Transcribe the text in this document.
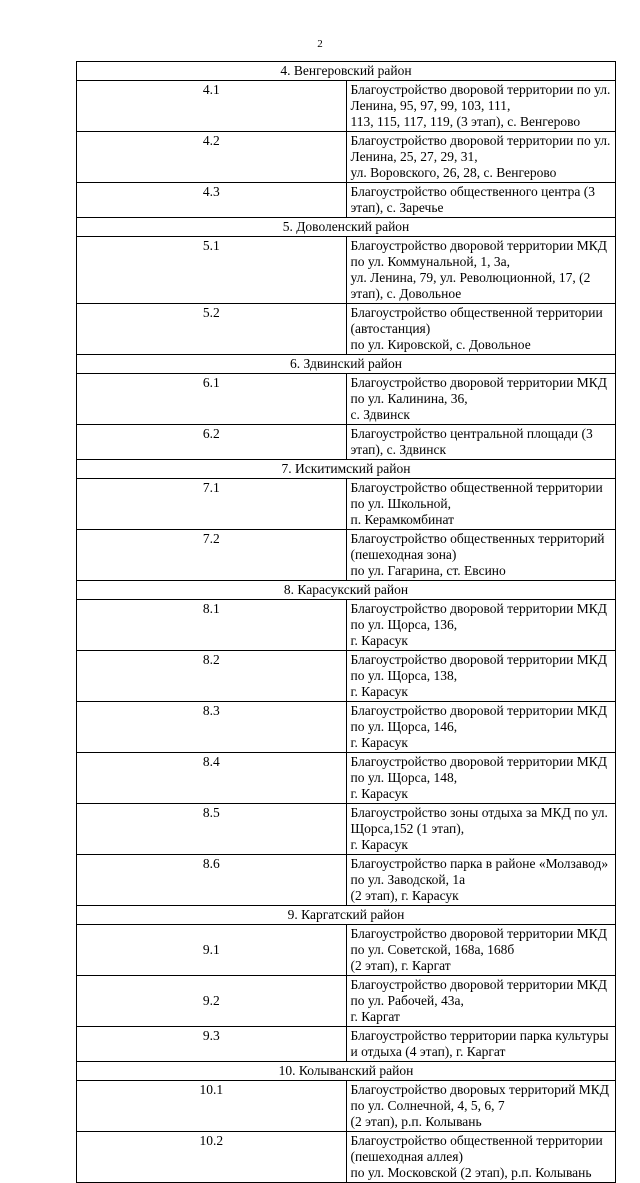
2
4. Венгеровский район	
4.1	Благоустройство дворовой территории по ул. Ленина, 95, 97, 99, 103, 111,
113, 115, 117, 119, (3 этап), с. Венгерово
4.2	Благоустройство дворовой территории по ул. Ленина, 25, 27, 29, 31,
ул. Воровского, 26, 28, с. Венгерово
4.3	Благоустройство общественного центра (3 этап), с. Заречье
5. Доволенский район	
5.1	Благоустройство дворовой территории МКД по ул. Коммунальной, 1, 3а,
ул. Ленина, 79, ул. Революционной, 17, (2 этап), с. Довольное
5.2	Благоустройство общественной территории (автостанция)
по ул. Кировской, с. Довольное
6. Здвинский район	
6.1	Благоустройство дворовой территории МКД по ул. Калинина, 36,
с. Здвинск
6.2	Благоустройство центральной площади (3 этап), с. Здвинск
7. Искитимский район	
7.1	Благоустройство общественной территории по ул. Школьной,
п. Керамкомбинат
7.2	Благоустройство общественных территорий (пешеходная зона)
по ул. Гагарина, ст. Евсино
8. Карасукский район	
8.1	Благоустройство дворовой территории МКД по ул. Щорса, 136,
г. Карасук
8.2	Благоустройство дворовой территории МКД по ул. Щорса, 138,
г. Карасук
8.3	Благоустройство дворовой территории МКД по ул. Щорса, 146,
г. Карасук
8.4	Благоустройство дворовой территории МКД по ул. Щорса, 148,
г. Карасук
8.5	Благоустройство зоны отдыха за МКД по ул. Щорса,152 (1 этап),
г. Карасук
8.6	Благоустройство парка в районе «Молзавод» по ул. Заводской, 1а
(2 этап), г. Карасук
9. Каргатский район	
9.1	Благоустройство дворовой территории МКД по ул. Советской, 168а, 168б
(2 этап), г. Каргат
9.2	Благоустройство дворовой территории МКД по ул. Рабочей, 43а,
г. Каргат
9.3	Благоустройство территории парка культуры и отдыха (4 этап), г. Каргат
10. Колыванский район	
10.1	Благоустройство дворовых территорий МКД по ул. Солнечной, 4, 5, 6, 7
(2 этап), р.п. Колывань
10.2	Благоустройство общественной территории (пешеходная аллея)
по ул. Московской (2 этап), р.п. Колывань
